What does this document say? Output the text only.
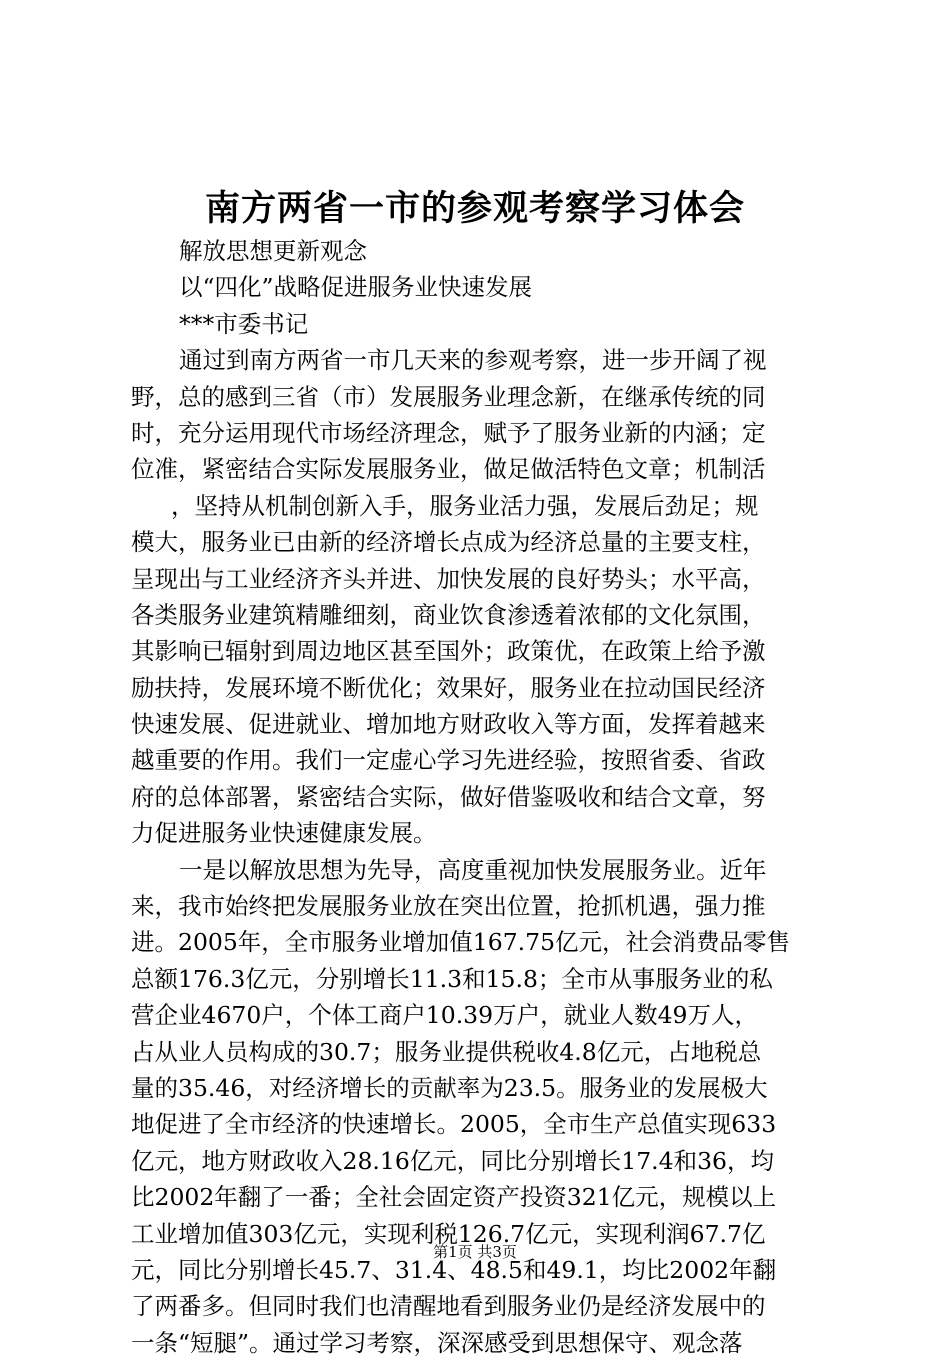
南方两省一市的参观考察学习体会
解放思想更新观念
以“四化”战略促进服务业快速发展
***市委书记
通过到南方两省一市几天来的参观考察，进一步开阔了视
野，总的感到三省（市）发展服务业理念新，在继承传统的同
时，充分运用现代市场经济理念，赋予了服务业新的内涵；定
位准，紧密结合实际发展服务业，做足做活特色文章；机制活
，坚持从机制创新入手，服务业活力强，发展后劲足；规
模大，服务业已由新的经济增长点成为经济总量的主要支柱，
呈现出与工业经济齐头并进、加快发展的良好势头；水平高，
各类服务业建筑精雕细刻，商业饮食渗透着浓郁的文化氛围，
其影响已辐射到周边地区甚至国外；政策优，在政策上给予激
励扶持，发展环境不断优化；效果好，服务业在拉动国民经济
快速发展、促进就业、增加地方财政收入等方面，发挥着越来
越重要的作用。我们一定虚心学习先进经验，按照省委、省政
府的总体部署，紧密结合实际，做好借鉴吸收和结合文章，努
力促进服务业快速健康发展。
一是以解放思想为先导，高度重视加快发展服务业。近年
来，我市始终把发展服务业放在突出位置，抢抓机遇，强力推
进。2005年，全市服务业增加值167.75亿元，社会消费品零售
总额176.3亿元，分别增长11.3和15.8；全市从事服务业的私
营企业4670户，个体工商户10.39万户，就业人数49万人，
占从业人员构成的30.7；服务业提供税收4.8亿元，占地税总
量的35.46，对经济增长的贡献率为23.5。服务业的发展极大
地促进了全市经济的快速增长。2005，全市生产总值实现633
亿元，地方财政收入28.16亿元，同比分别增长17.4和36，均
比2002年翻了一番；全社会固定资产投资321亿元，规模以上
工业增加值303亿元，实现利税126.7亿元，实现利润67.7亿
元，同比分别增长45.7、31.4、48.5和49.1，均比2002年翻
了两番多。但同时我们也清醒地看到服务业仍是经济发展中的
一条“短腿”。通过学习考察，深深感受到思想保守、观念落
第1页 共3页
